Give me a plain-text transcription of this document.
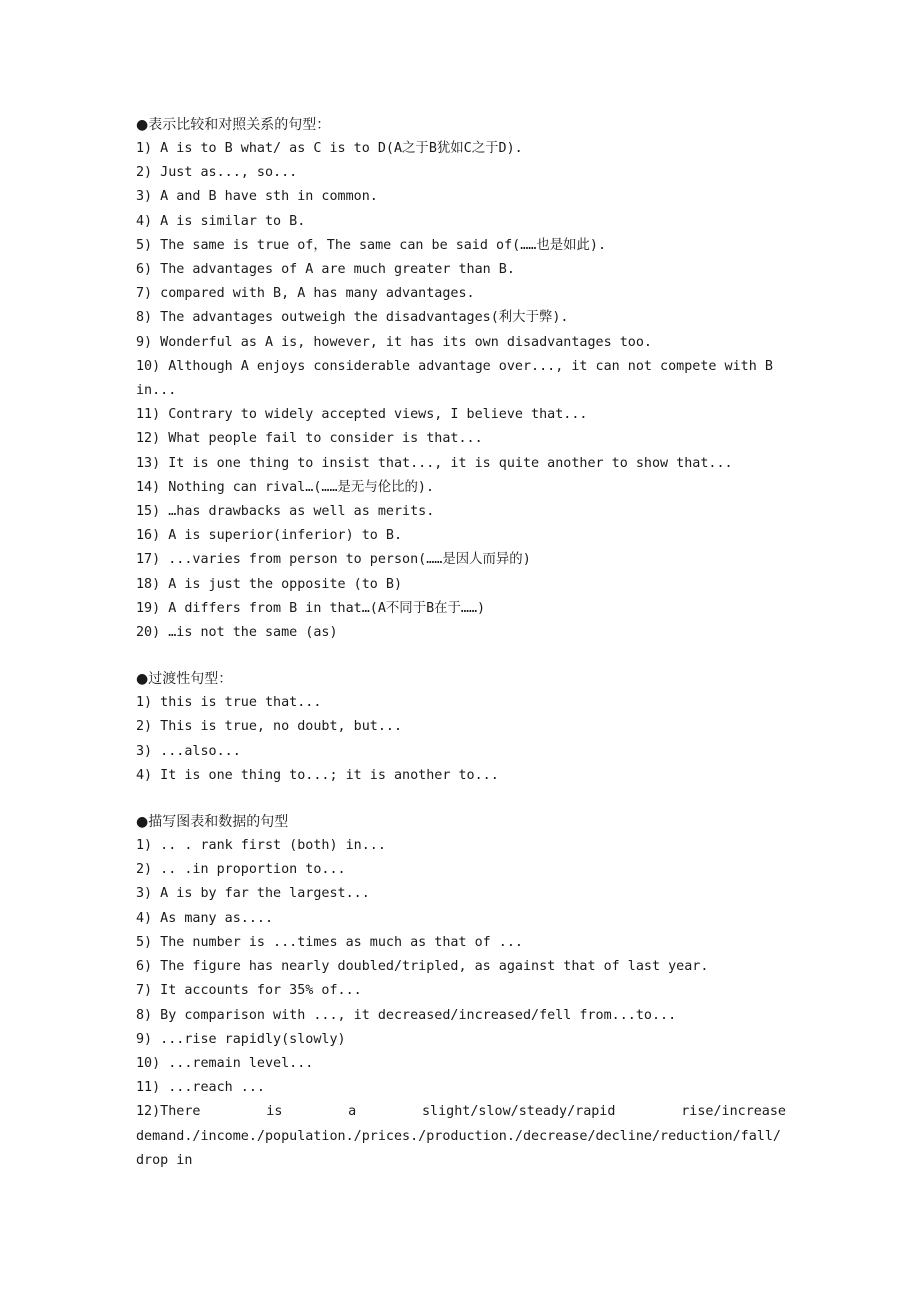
●表示比较和对照关系的句型：
1) A is to B what/ as C is to D(A之于B犹如C之于D).
2) Just as..., so...
3) A and B have sth in common.
4) A is similar to B.
5) The same is true of，The same can be said of(……也是如此).
6) The advantages of A are much greater than B.
7) compared with B, A has many advantages.
8) The advantages outweigh the disadvantages(利大于弊).
9) Wonderful as A is, however, it has its own disadvantages too.
10) Although A enjoys considerable advantage over..., it can not compete with B
in...
11) Contrary to widely accepted views, I believe that...
12) What people fail to consider is that...
13) It is one thing to insist that..., it is quite another to show that...
14) Nothing can rival…(……是无与伦比的).
15) …has drawbacks as well as merits.
16) A is superior(inferior) to B.
17) ...varies from person to person(……是因人而异的)
18) A is just the opposite (to B)
19) A differs from B in that…(A不同于B在于……)
20) …is not the same (as)
●过渡性句型：
1) this is true that...
2) This is true, no doubt, but...
3) ...also...
4) It is one thing to...; it is another to...
●描写图表和数据的句型
1) .. . rank first (both) in...
2) .. .in proportion to...
3) A is by far the largest...
4) As many as....
5) The number is ...times as much as that of ...
6) The figure has nearly doubled/tripled, as against that of last year.
7) It accounts for 35% of...
8) By comparison with ..., it decreased/increased/fell from...to...
9) ...rise rapidly(slowly)
10) ...remain level...
11) ...reach ...
12)There is a slight/slow/steady/rapid rise/increase
demand./income./population./prices./production./decrease/decline/reduction/fall/
drop in
